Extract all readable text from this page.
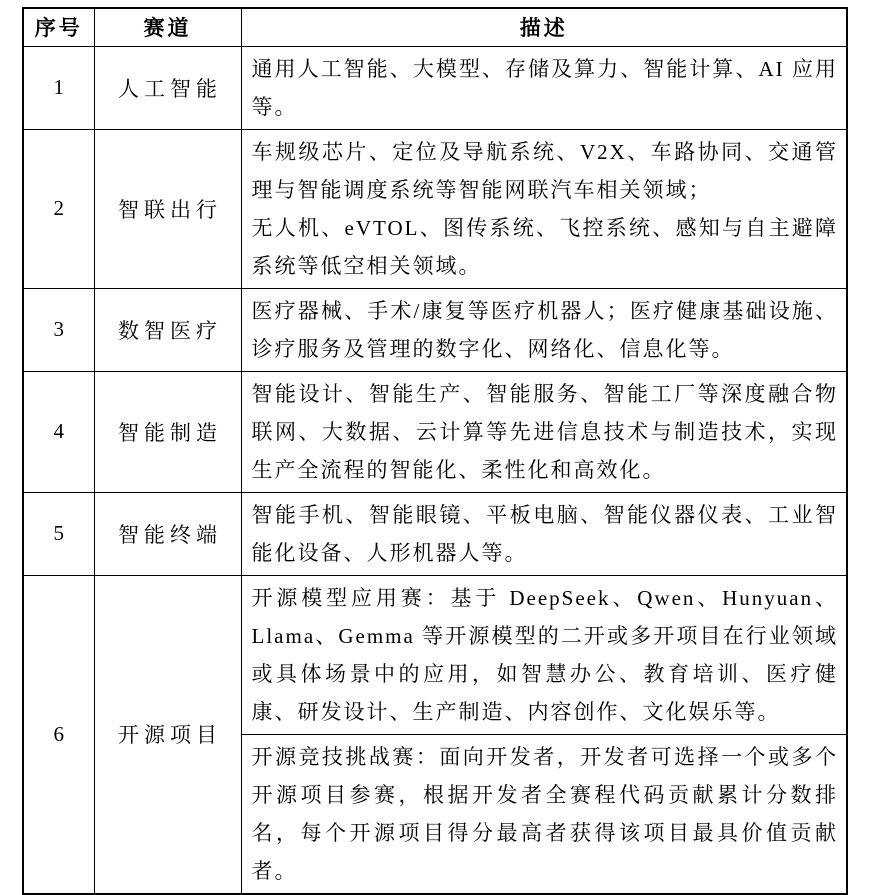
序号	赛道	描述
1	人工智能	通用人工智能、大模型、存储及算力、智能计算、AI 应用等。

2	智联出行	车规级芯片、定位及导航系统、V2X、车路协同、交通管理与智能调度系统等智能网联汽车相关领域；

无人机、eVTOL、图传系统、飞控系统、感知与自主避障系统等低空相关领域。

3	数智医疗	医疗器械、手术/康复等医疗机器人；医疗健康基础设施、诊疗服务及管理的数字化、网络化、信息化等。

4	智能制造	智能设计、智能生产、智能服务、智能工厂等深度融合物联网、大数据、云计算等先进信息技术与制造技术，实现生产全流程的智能化、柔性化和高效化。

5	智能终端	智能手机、智能眼镜、平板电脑、智能仪器仪表、工业智能化设备、人形机器人等。

6	开源项目	开源模型应用赛：基于 DeepSeek、Qwen、Hunyuan、Llama、Gemma 等开源模型的二开或多开项目在行业领域或具体场景中的应用，如智慧办公、教育培训、医疗健康、研发设计、生产制造、内容创作、文化娱乐等。

		开源竞技挑战赛：面向开发者，开发者可选择一个或多个开源项目参赛，根据开发者全赛程代码贡献累计分数排名，每个开源项目得分最高者获得该项目最具价值贡献者。
